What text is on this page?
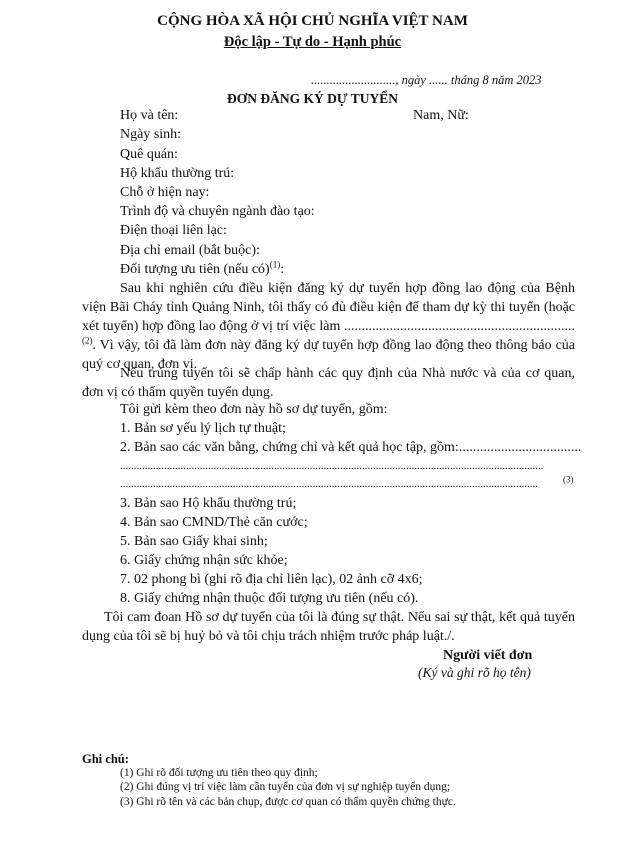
CỘNG HÒA XÃ HỘI CHỦ NGHĨA VIỆT NAM
Độc lập - Tự do - Hạnh phúc
..........................., ngày ...... tháng 8 năm 2023
ĐƠN ĐĂNG KÝ DỰ TUYỂN
Họ và tên:	Nam, Nữ:
Ngày sinh:
Quê quán:
Hộ khẩu thường trú:
Chỗ ở hiện nay:
Trình độ và chuyên ngành đào tạo:
Điện thoại liên lạc:
Địa chỉ email (bắt buộc):
Đối tượng ưu tiên (nếu có)$^{(1)}$:
Sau khi nghiên cứu điều kiện đăng ký dự tuyển hợp đồng lao động của Bệnh viện Bãi Cháy tỉnh Quảng Ninh, tôi thấy có đủ điều kiện để tham dự kỳ thi tuyển (hoặc xét tuyển) hợp đồng lao động ở vị trí việc làm ..................................................................$^{(2)}$. Vì vậy, tôi đã làm đơn này đăng ký dự tuyển hợp đồng lao động theo thông báo của quý cơ quan, đơn vị.
Nếu trúng tuyển tôi sẽ chấp hành các quy định của Nhà nước và của cơ quan, đơn vị có thẩm quyền tuyển dụng.
Tôi gửi kèm theo đơn này hồ sơ dự tuyển, gồm:
1. Bản sơ yếu lý lịch tự thuật;
2. Bản sao các văn bằng, chứng chỉ và kết quả học tập, gồm:...................................
..........................................................................................................................................................
........................................................................................................................................................	$^{(3)}$
3. Bản sao Hộ khẩu thường trú;
4. Bản sao CMND/Thẻ căn cước;
5. Bản sao Giấy khai sinh;
6. Giấy chứng nhận sức khỏe;
7. 02 phong bì (ghi rõ địa chỉ liên lạc), 02 ảnh cỡ 4x6;
8. Giấy chứng nhận thuộc đối tượng ưu tiên (nếu có).
Tôi cam đoan Hồ sơ dự tuyển của tôi là đúng sự thật. Nếu sai sự thật, kết quả tuyển dụng của tôi sẽ bị huỷ bỏ và tôi chịu trách nhiệm trước pháp luật./.
Người viết đơn
(Ký và ghi rõ họ tên)
Ghi chú:
(1) Ghi rõ đối tượng ưu tiên theo quy định;
(2) Ghi đúng vị trí việc làm cần tuyển của đơn vị sự nghiệp tuyển dụng;
(3) Ghi rõ tên và các bản chụp, được cơ quan có thẩm quyền chứng thực.
